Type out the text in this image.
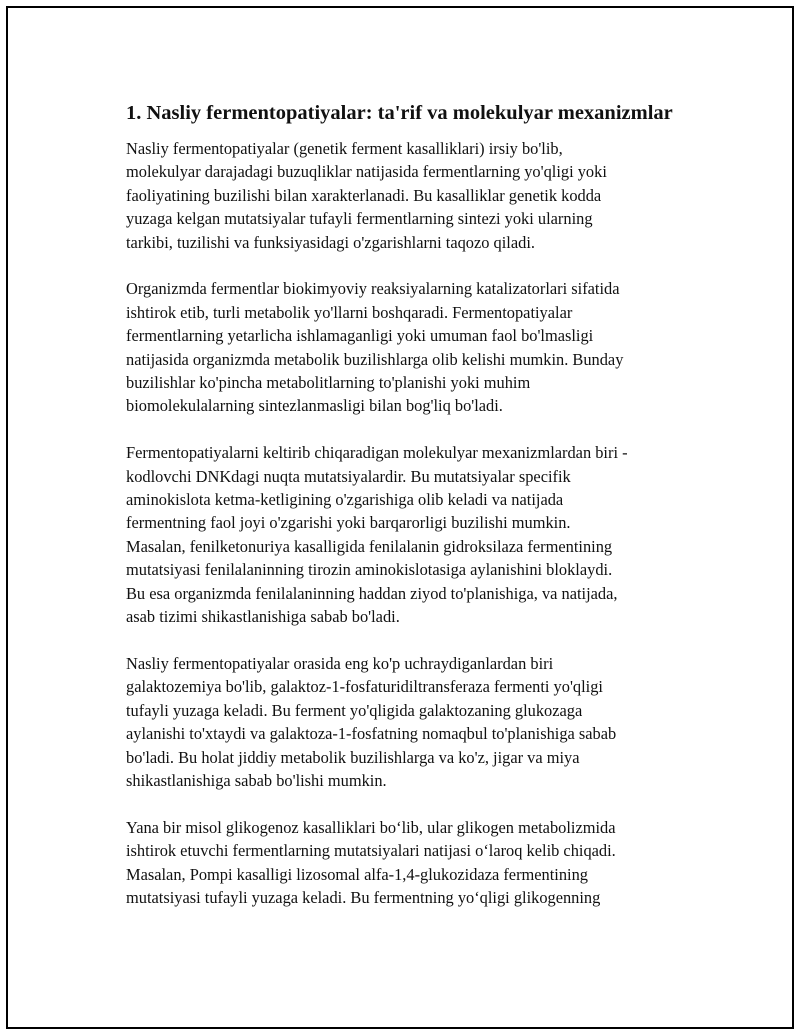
1. Nasliy fermentopatiyalar: ta'rif va molekulyar mexanizmlar
Nasliy fermentopatiyalar (genetik ferment kasalliklari) irsiy bo'lib,
molekulyar darajadagi buzuqliklar natijasida fermentlarning yo'qligi yoki
faoliyatining buzilishi bilan xarakterlanadi. Bu kasalliklar genetik kodda
yuzaga kelgan mutatsiyalar tufayli fermentlarning sintezi yoki ularning
tarkibi, tuzilishi va funksiyasidagi o'zgarishlarni taqozo qiladi.
Organizmda fermentlar biokimyoviy reaksiyalarning katalizatorlari sifatida
ishtirok etib, turli metabolik yo'llarni boshqaradi. Fermentopatiyalar
fermentlarning yetarlicha ishlamaganligi yoki umuman faol bo'lmasligi
natijasida organizmda metabolik buzilishlarga olib kelishi mumkin. Bunday
buzilishlar ko'pincha metabolitlarning to'planishi yoki muhim
biomolekulalarning sintezlanmasligi bilan bog'liq bo'ladi.
Fermentopatiyalarni keltirib chiqaradigan molekulyar mexanizmlardan biri -
kodlovchi DNKdagi nuqta mutatsiyalardir. Bu mutatsiyalar specifik
aminokislota ketma-ketligining o'zgarishiga olib keladi va natijada
fermentning faol joyi o'zgarishi yoki barqarorligi buzilishi mumkin.
Masalan, fenilketonuriya kasalligida fenilalanin gidroksilaza fermentining
mutatsiyasi fenilalaninning tirozin aminokislotasiga aylanishini bloklaydi.
Bu esa organizmda fenilalaninning haddan ziyod to'planishiga, va natijada,
asab tizimi shikastlanishiga sabab bo'ladi.
Nasliy fermentopatiyalar orasida eng ko'p uchraydiganlardan biri
galaktozemiya bo'lib, galaktoz-1-fosfaturidiltransferaza fermenti yo'qligi
tufayli yuzaga keladi. Bu ferment yo'qligida galaktozaning glukozaga
aylanishi to'xtaydi va galaktoza-1-fosfatning nomaqbul to'planishiga sabab
bo'ladi. Bu holat jiddiy metabolik buzilishlarga va ko'z, jigar va miya
shikastlanishiga sabab bo'lishi mumkin.
Yana bir misol glikogenoz kasalliklari bo‘lib, ular glikogen metabolizmida
ishtirok etuvchi fermentlarning mutatsiyalari natijasi o‘laroq kelib chiqadi.
Masalan, Pompi kasalligi lizosomal alfa-1,4-glukozidaza fermentining
mutatsiyasi tufayli yuzaga keladi. Bu fermentning yo‘qligi glikogenning
